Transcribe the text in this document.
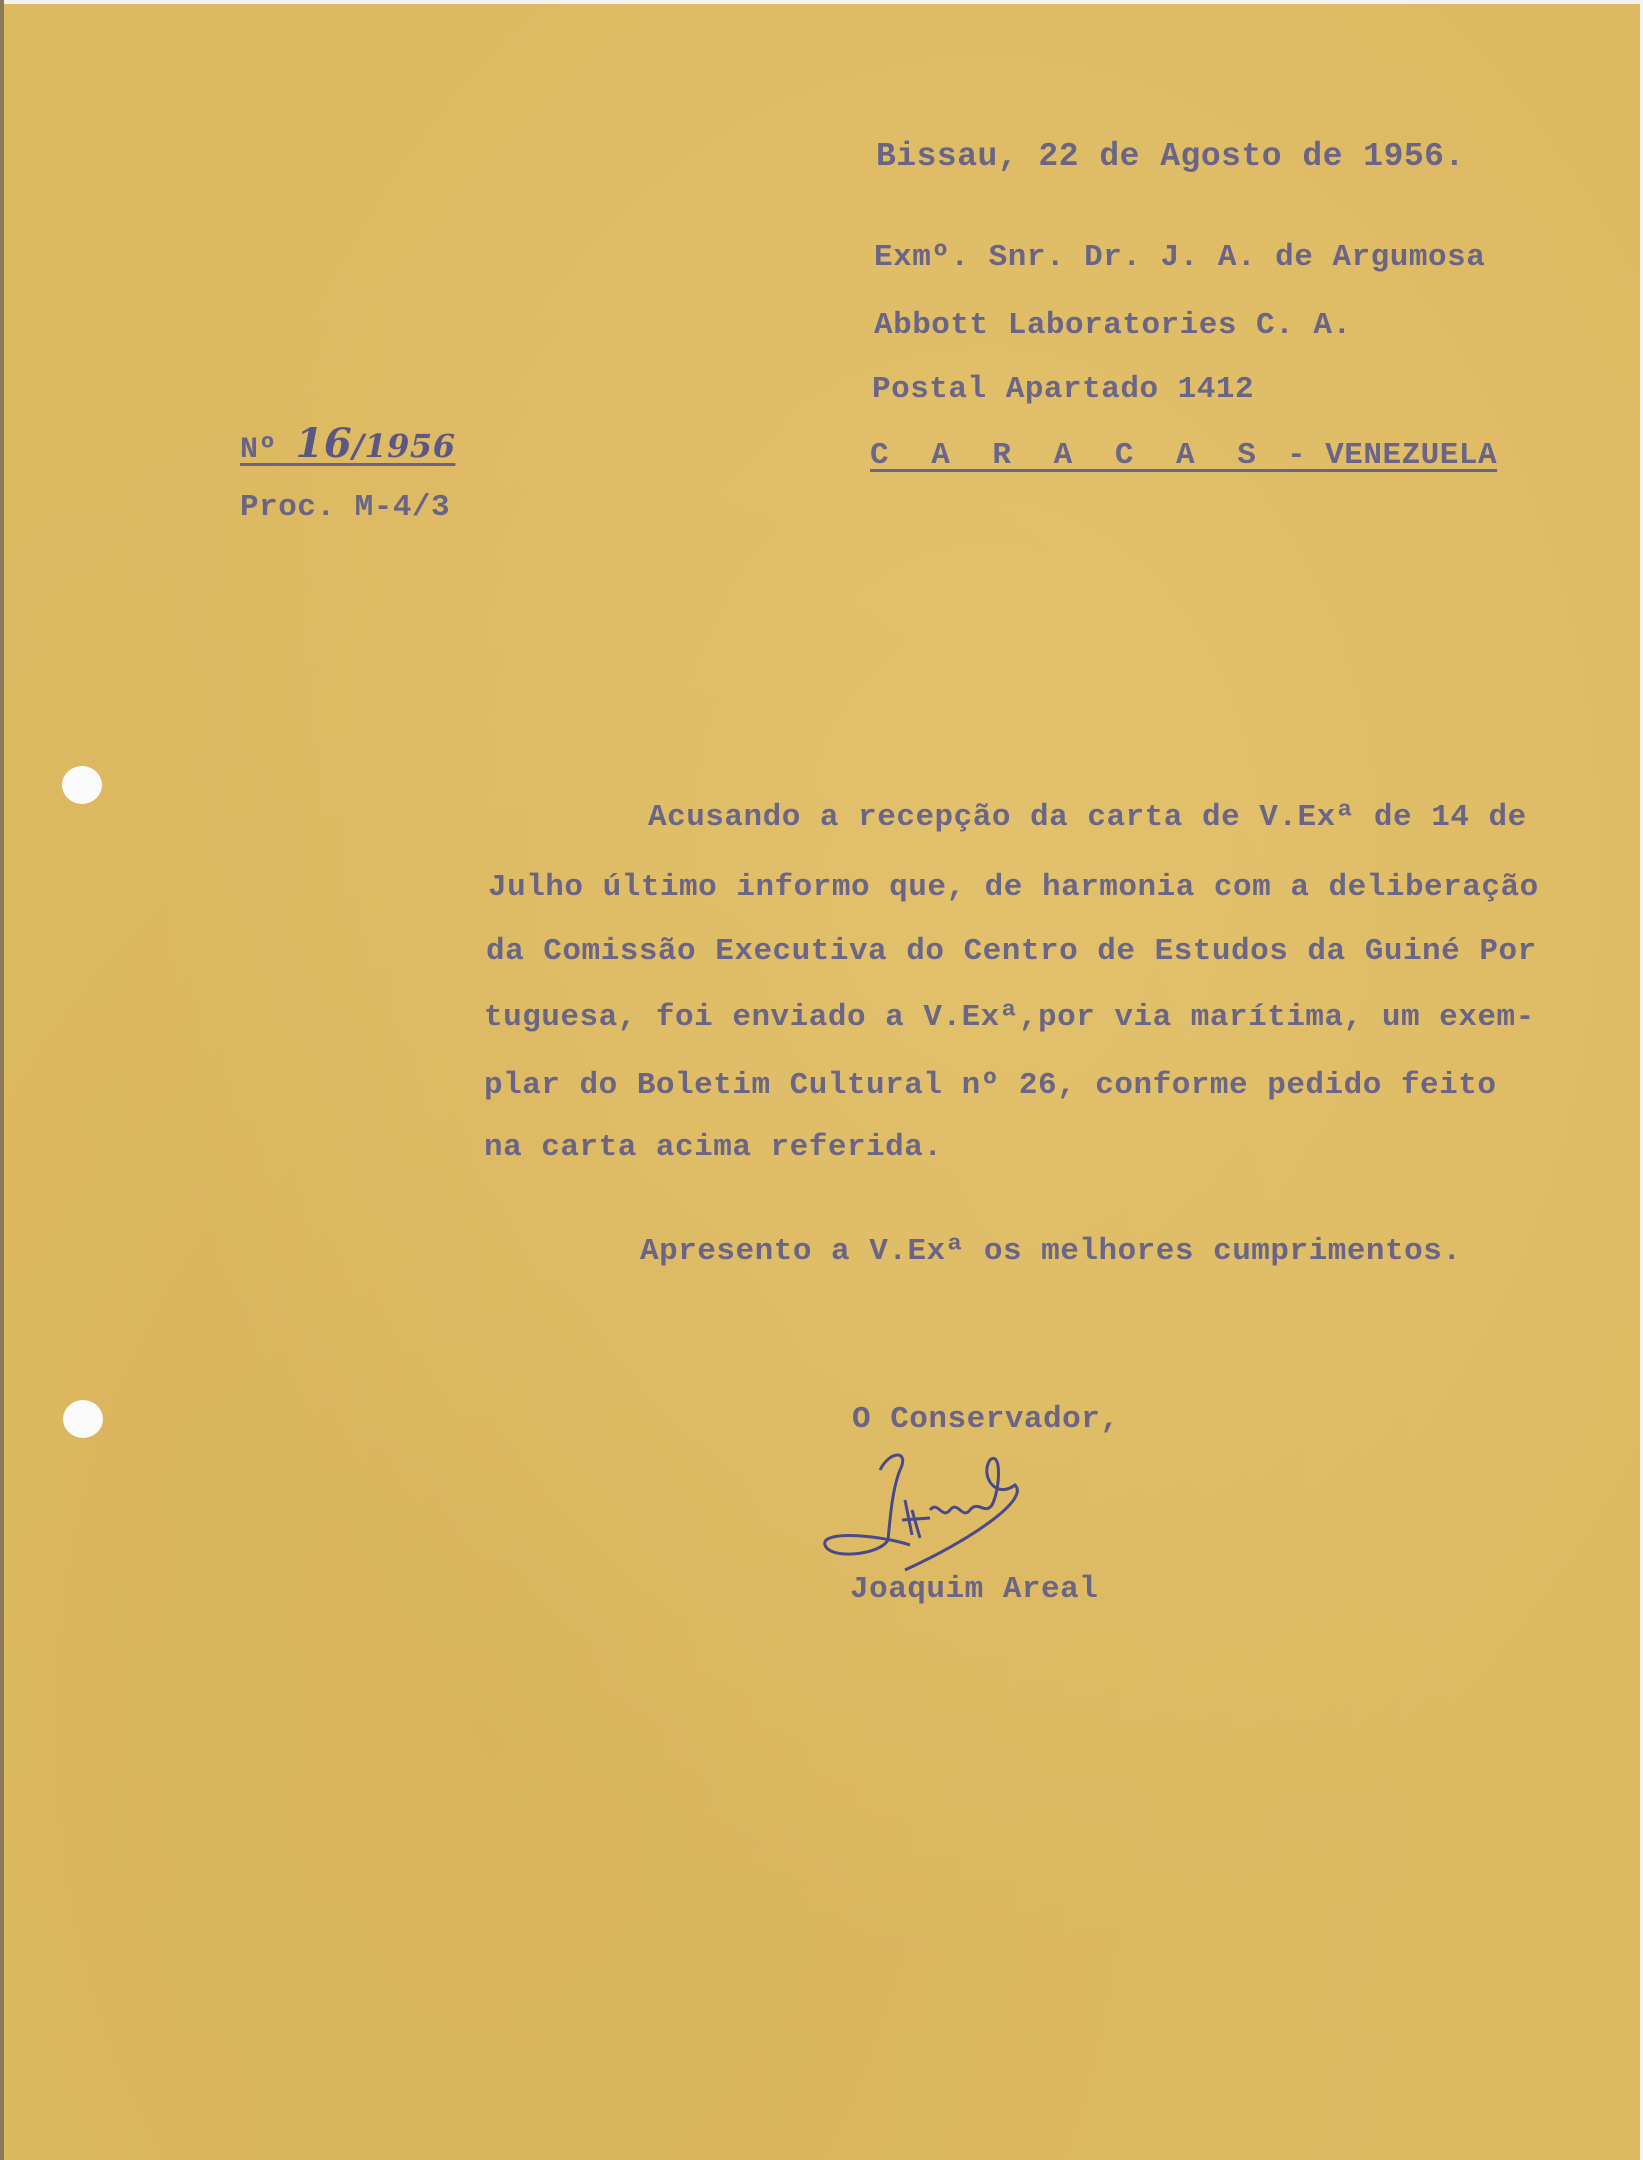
Bissau, 22 de Agosto de 1956.
Exmº. Snr. Dr. J. A. de Argumosa
Abbott Laboratories C. A.
Postal Apartado 1412
C A R A C A S - VENEZUELA
Nº 16/1956
Proc. M-4/3
Acusando a recepção da carta de V.Exª de 14 de
Julho último informo que, de harmonia com a deliberação
da Comissão Executiva do Centro de Estudos da Guiné Por
tuguesa, foi enviado a V.Exª,por via marítima, um exem-
plar do Boletim Cultural nº 26, conforme pedido feito
na carta acima referida.
Apresento a V.Exª os melhores cumprimentos.
O Conservador,
Joaquim Areal
